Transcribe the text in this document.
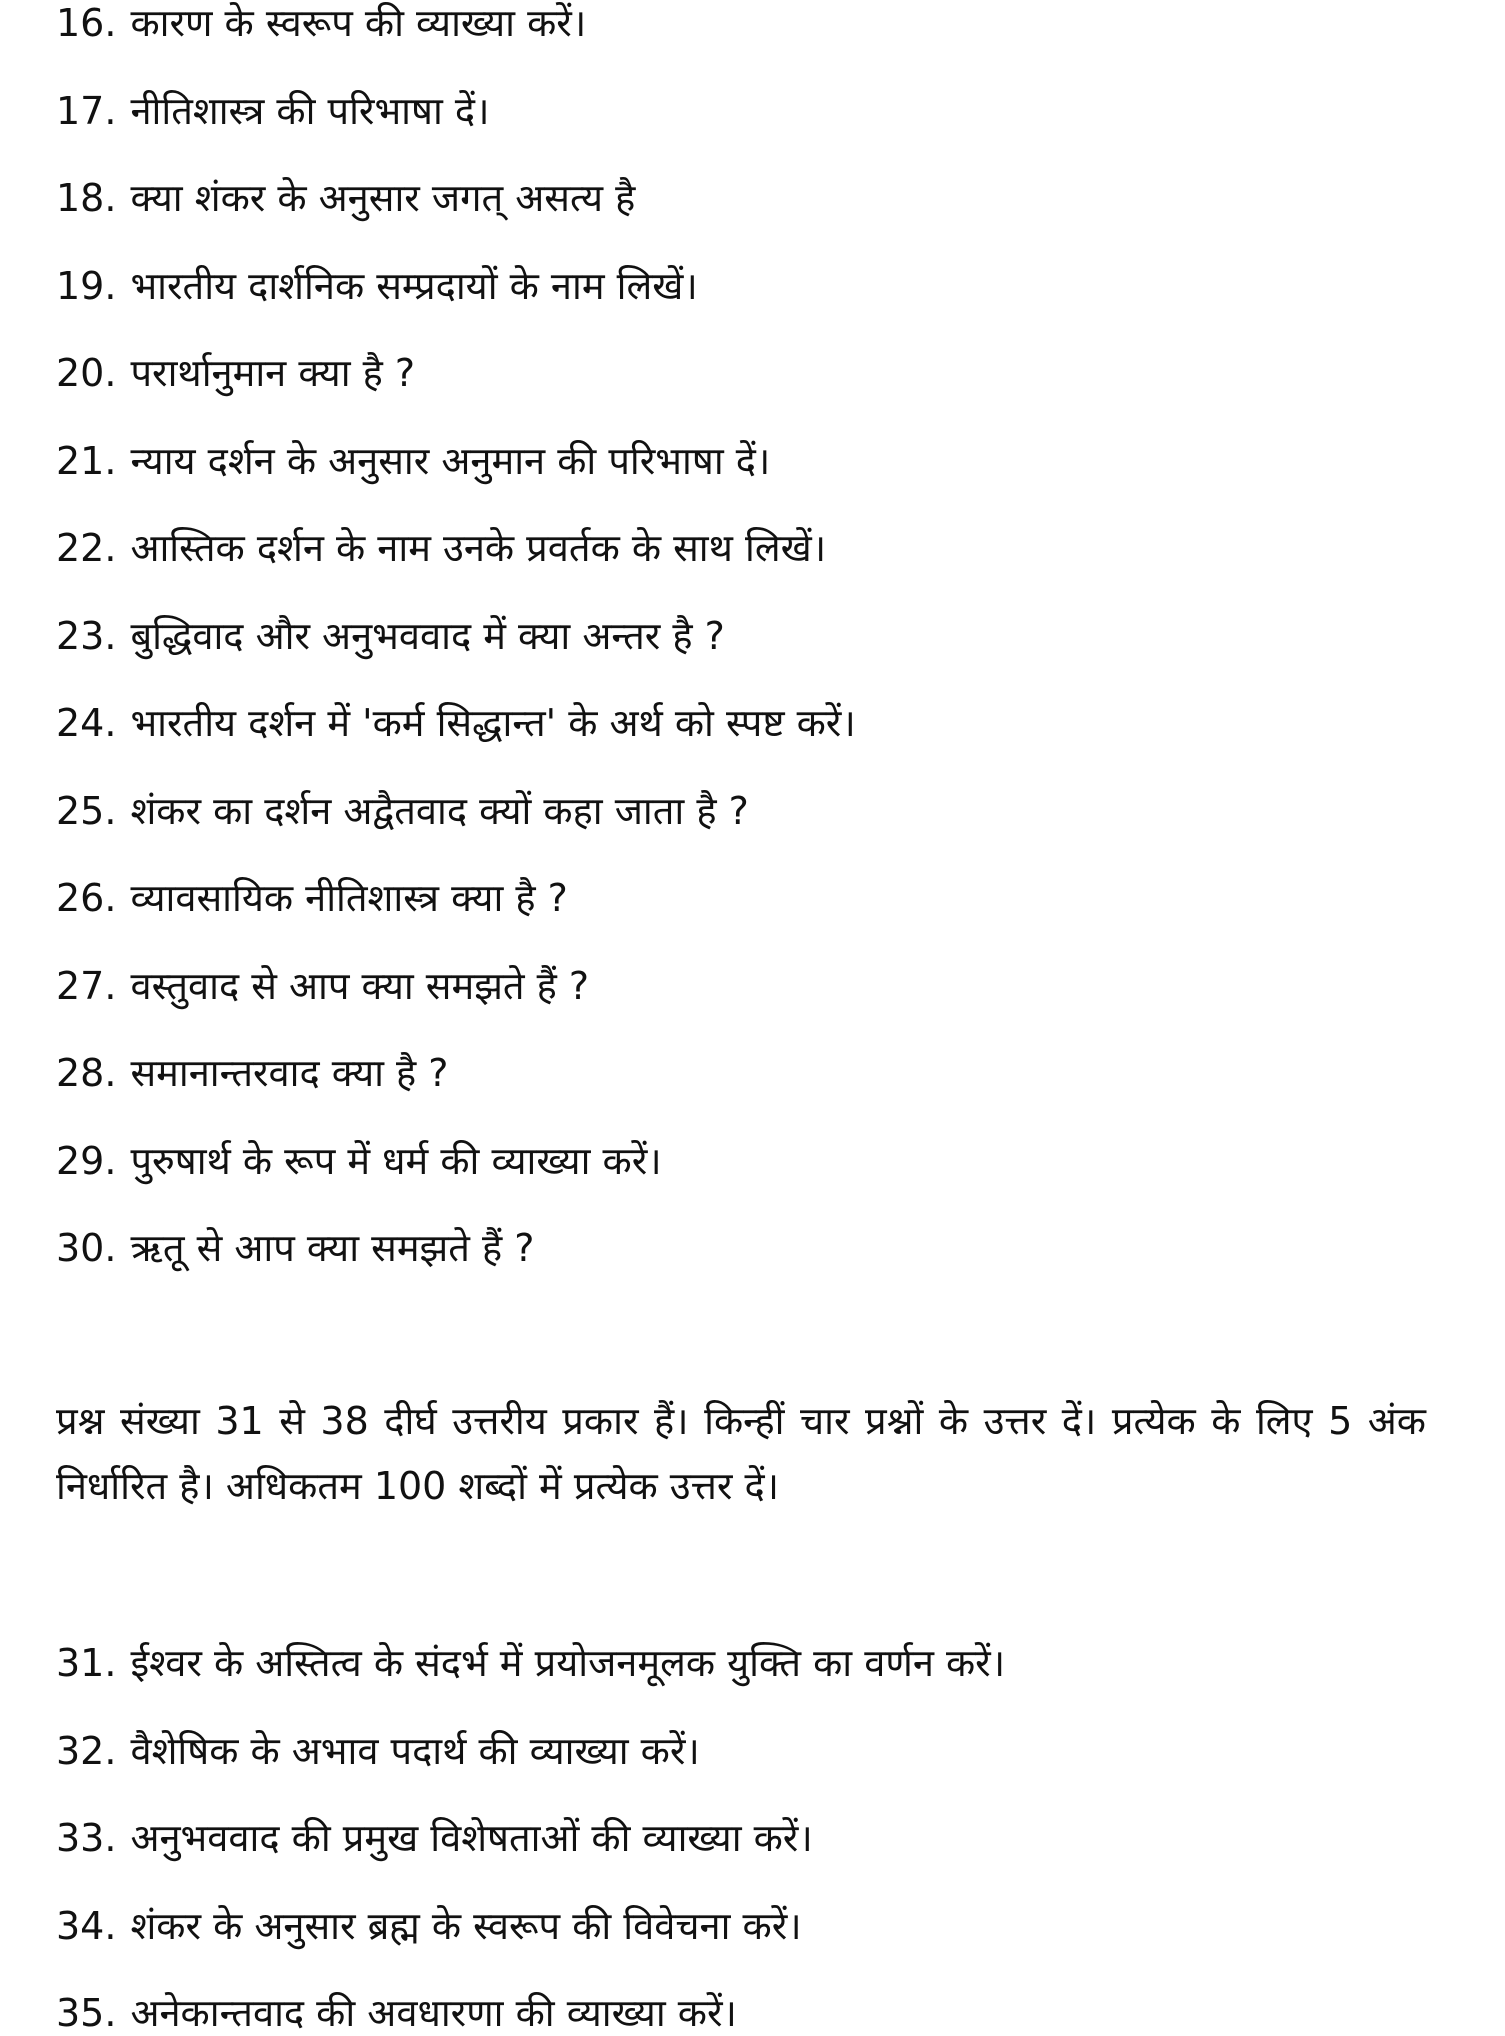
16. कारण के स्वरूप की व्याख्या करें।
17. नीतिशास्त्र की परिभाषा दें।
18. क्या शंकर के अनुसार जगत् असत्य है
19. भारतीय दार्शनिक सम्प्रदायों के नाम लिखें।
20. परार्थानुमान क्या है ?
21. न्याय दर्शन के अनुसार अनुमान की परिभाषा दें।
22. आस्तिक दर्शन के नाम उनके प्रवर्तक के साथ लिखें।
23. बुद्धिवाद और अनुभववाद में क्या अन्तर है ?
24. भारतीय दर्शन में 'कर्म सिद्धान्त' के अर्थ को स्पष्ट करें।
25. शंकर का दर्शन अद्वैतवाद क्यों कहा जाता है ?
26. व्यावसायिक नीतिशास्त्र क्या है ?
27. वस्तुवाद से आप क्या समझते हैं ?
28. समानान्तरवाद क्या है ?
29. पुरुषार्थ के रूप में धर्म की व्याख्या करें।
30. ऋतू से आप क्या समझते हैं ?

प्रश्न संख्या 31 से 38 दीर्घ उत्तरीय प्रकार हैं। किन्हीं चार प्रश्नों के उत्तर दें। प्रत्येक के लिए 5 अंक निर्धारित है। अधिकतम 100 शब्दों में प्रत्येक उत्तर दें।

31. ईश्वर के अस्तित्व के संदर्भ में प्रयोजनमूलक युक्ति का वर्णन करें।
32. वैशेषिक के अभाव पदार्थ की व्याख्या करें।
33. अनुभववाद की प्रमुख विशेषताओं की व्याख्या करें।
34. शंकर के अनुसार ब्रह्म के स्वरूप की विवेचना करें।
35. अनेकान्तवाद की अवधारणा की व्याख्या करें।
